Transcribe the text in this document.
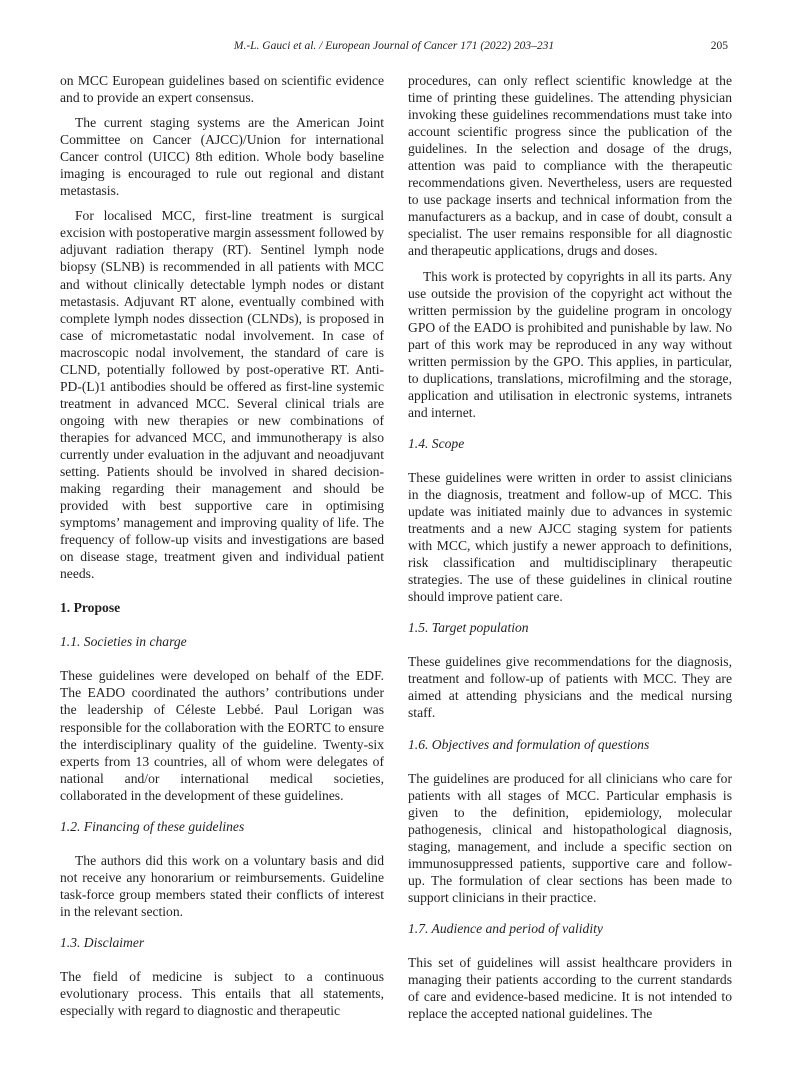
M.-L. Gauci et al. / European Journal of Cancer 171 (2022) 203–231	205

on MCC European guidelines based on scientific evidence and to provide an expert consensus.

The current staging systems are the American Joint Committee on Cancer (AJCC)/Union for international Cancer control (UICC) 8th edition. Whole body baseline imaging is encouraged to rule out regional and distant metastasis.

For localised MCC, first-line treatment is surgical excision with postoperative margin assessment followed by adjuvant radiation therapy (RT). Sentinel lymph node biopsy (SLNB) is recommended in all patients with MCC and without clinically detectable lymph nodes or distant metastasis. Adjuvant RT alone, eventually combined with complete lymph nodes dissection (CLNDs), is proposed in case of micrometastatic nodal involvement. In case of macroscopic nodal involvement, the standard of care is CLND, potentially followed by post-operative RT. Anti-PD-(L)1 antibodies should be offered as first-line systemic treatment in advanced MCC. Several clinical trials are ongoing with new therapies or new combinations of therapies for advanced MCC, and immunotherapy is also currently under evaluation in the adjuvant and neoadjuvant setting. Patients should be involved in shared decision-making regarding their management and should be provided with best supportive care in optimising symptoms’ management and improving quality of life. The frequency of follow-up visits and investigations are based on disease stage, treatment given and individual patient needs.

1. Propose
1.1. Societies in charge

These guidelines were developed on behalf of the EDF. The EADO coordinated the authors’ contributions under the leadership of Céleste Lebbé. Paul Lorigan was responsible for the collaboration with the EORTC to ensure the interdisciplinary quality of the guideline. Twenty-six experts from 13 countries, all of whom were delegates of national and/or international medical societies, collaborated in the development of these guidelines.

1.2. Financing of these guidelines

The authors did this work on a voluntary basis and did not receive any honorarium or reimbursements. Guideline task-force group members stated their conflicts of interest in the relevant section.

1.3. Disclaimer

The field of medicine is subject to a continuous evolutionary process. This entails that all statements, especially with regard to diagnostic and therapeutic

procedures, can only reflect scientific knowledge at the time of printing these guidelines. The attending physician invoking these guidelines recommendations must take into account scientific progress since the publication of the guidelines. In the selection and dosage of the drugs, attention was paid to compliance with the therapeutic recommendations given. Nevertheless, users are requested to use package inserts and technical information from the manufacturers as a backup, and in case of doubt, consult a specialist. The user remains responsible for all diagnostic and therapeutic applications, drugs and doses.

This work is protected by copyrights in all its parts. Any use outside the provision of the copyright act without the written permission by the guideline program in oncology GPO of the EADO is prohibited and punishable by law. No part of this work may be reproduced in any way without written permission by the GPO. This applies, in particular, to duplications, translations, microfilming and the storage, application and utilisation in electronic systems, intranets and internet.

1.4. Scope

These guidelines were written in order to assist clinicians in the diagnosis, treatment and follow-up of MCC. This update was initiated mainly due to advances in systemic treatments and a new AJCC staging system for patients with MCC, which justify a newer approach to definitions, risk classification and multidisciplinary therapeutic strategies. The use of these guidelines in clinical routine should improve patient care.

1.5. Target population

These guidelines give recommendations for the diagnosis, treatment and follow-up of patients with MCC. They are aimed at attending physicians and the medical nursing staff.

1.6. Objectives and formulation of questions

The guidelines are produced for all clinicians who care for patients with all stages of MCC. Particular emphasis is given to the definition, epidemiology, molecular pathogenesis, clinical and histopathological diagnosis, staging, management, and include a specific section on immunosuppressed patients, supportive care and follow-up. The formulation of clear sections has been made to support clinicians in their practice.

1.7. Audience and period of validity

This set of guidelines will assist healthcare providers in managing their patients according to the current standards of care and evidence-based medicine. It is not intended to replace the accepted national guidelines. The
